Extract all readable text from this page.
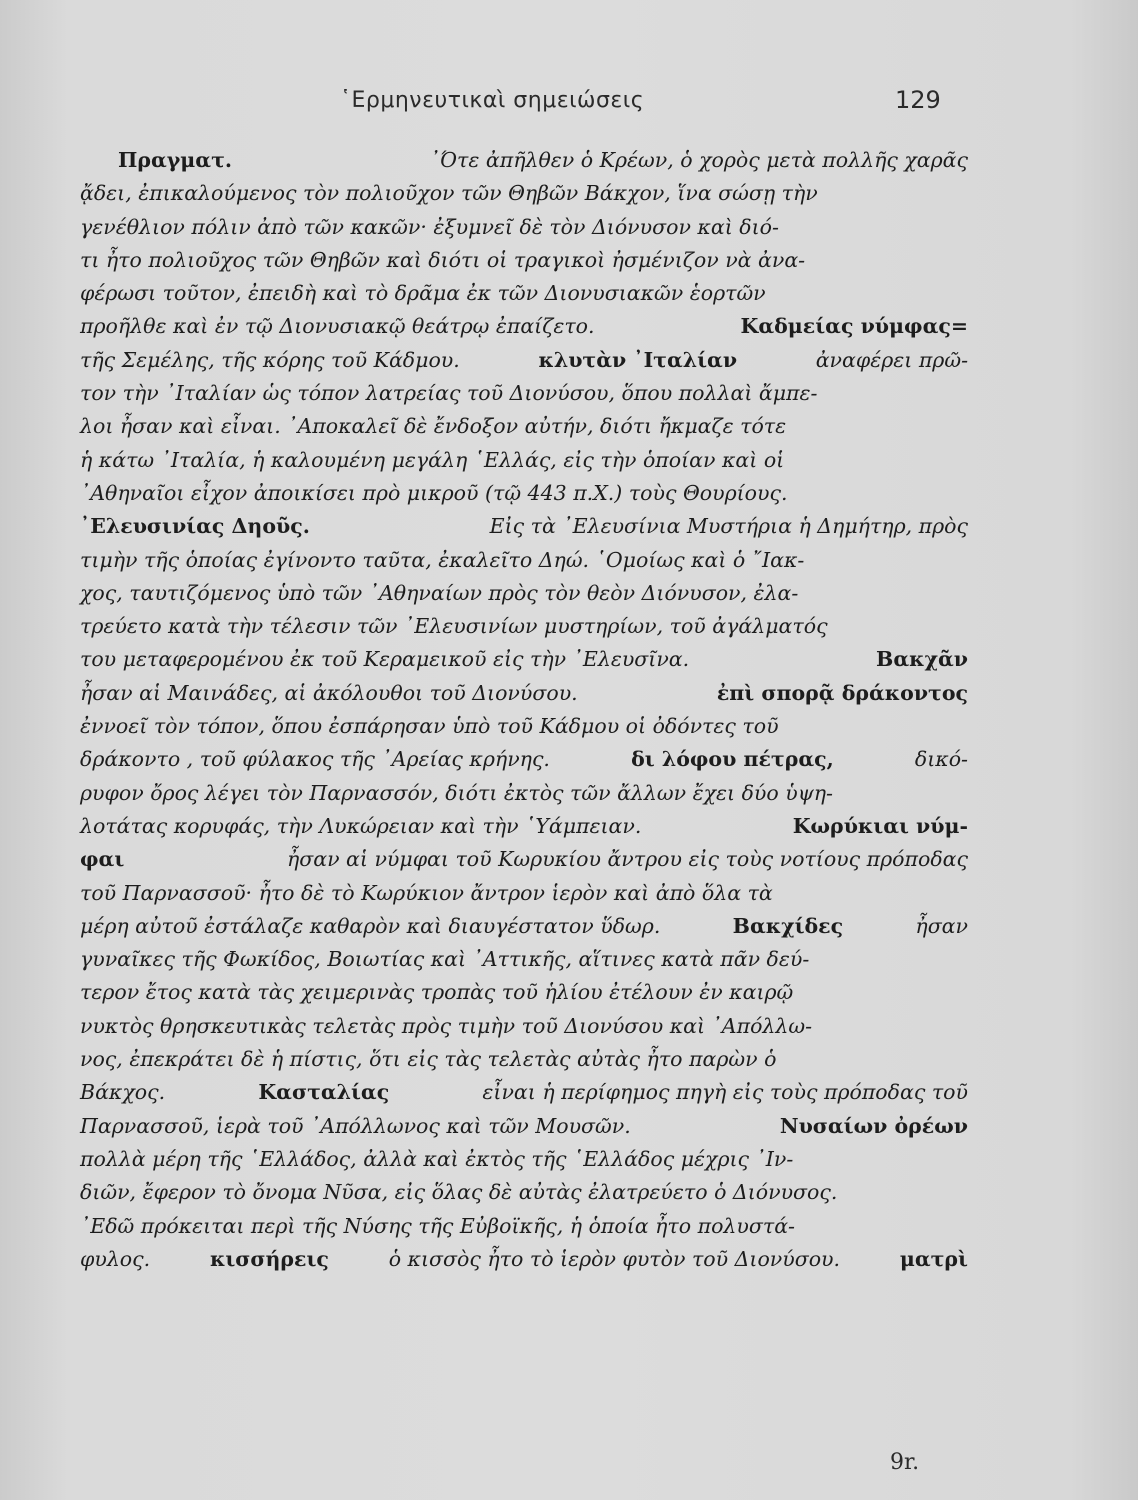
῾Ερμηνευτικαὶ σημειώσεις	129
Πραγματ.	᾿Ότε ἀπῆλθεν ὁ Κρέων, ὁ χορὸς μετὰ πολλῆς χαρᾶς
ᾄδει, ἐπικαλούμενος τὸν πολιοῦχον τῶν Θηβῶν Βάκχον, ἵνα σώσῃ τὴν
γενέθλιον πόλιν ἀπὸ τῶν κακῶν· ἐξυμνεῖ δὲ τὸν Διόνυσον καὶ διό-
τι ἦτο πολιοῦχος τῶν Θηβῶν καὶ διότι οἱ τραγικοὶ ἠσμένιζον νὰ ἀνα-
φέρωσι τοῦτον, ἐπειδὴ καὶ τὸ δρᾶμα ἐκ τῶν Διονυσιακῶν ἑορτῶν
προῆλθε καὶ ἐν τῷ Διονυσιακῷ θεάτρῳ ἐπαίζετο.	Καδμείας νύμφας=
τῆς Σεμέλης, τῆς κόρης τοῦ Κάδμου.	κλυτὰν ᾿Ιταλίαν	ἀναφέρει πρῶ-
τον τὴν ᾿Ιταλίαν ὡς τόπον λατρείας τοῦ Διονύσου, ὅπου πολλαὶ ἄμπε-
λοι ἦσαν καὶ εἶναι. ᾿Αποκαλεῖ δὲ ἔνδοξον αὐτήν, διότι ἤκμαζε τότε
ἡ κάτω ᾿Ιταλία, ἡ καλουμένη μεγάλη ῾Ελλάς, εἰς τὴν ὁποίαν καὶ οἱ
᾿Αθηναῖοι εἶχον ἀποικίσει πρὸ μικροῦ (τῷ 443 π.Χ.) τοὺς Θουρίους.
᾿Ελευσινίας Δηοῦς.	Εἰς τὰ ᾿Ελευσίνια Μυστήρια ἡ Δημήτηρ, πρὸς
τιμὴν τῆς ὁποίας ἐγίνοντο ταῦτα, ἐκαλεῖτο Δηώ. ῾Ομοίως καὶ ὁ ῎Ιακ-
χος, ταυτιζόμενος ὑπὸ τῶν ᾿Αθηναίων πρὸς τὸν θεὸν Διόνυσον, ἐλα-
τρεύετο κατὰ τὴν τέλεσιν τῶν ᾿Ελευσινίων μυστηρίων, τοῦ ἀγάλματός
του μεταφερομένου ἐκ τοῦ Κεραμεικοῦ εἰς τὴν ᾿Ελευσῖνα.	Βακχᾶν
ἦσαν αἱ Μαινάδες, αἱ ἀκόλουθοι τοῦ Διονύσου.	ἐπὶ σπορᾷ δράκοντος
ἐννοεῖ τὸν τόπον, ὅπου ἐσπάρησαν ὑπὸ τοῦ Κάδμου οἱ ὀδόντες τοῦ
δράκοντο , τοῦ φύλακος τῆς ᾿Αρείας κρήνης.	δι λόφου πέτρας,	δικό-
ρυφον ὄρος λέγει τὸν Παρνασσόν, διότι ἐκτὸς τῶν ἄλλων ἔχει δύο ὑψη-
λοτάτας κορυφάς, τὴν Λυκώρειαν καὶ τὴν ῾Υάμπειαν.	Κωρύκιαι νύμ-
φαι	ἦσαν αἱ νύμφαι τοῦ Κωρυκίου ἄντρου εἰς τοὺς νοτίους πρόποδας
τοῦ Παρνασσοῦ· ἦτο δὲ τὸ Κωρύκιον ἄντρον ἱερὸν καὶ ἀπὸ ὅλα τὰ
μέρη αὐτοῦ ἐστάλαζε καθαρὸν καὶ διαυγέστατον ὕδωρ.	Βακχίδες	ἦσαν
γυναῖκες τῆς Φωκίδος, Βοιωτίας καὶ ᾿Αττικῆς, αἵτινες κατὰ πᾶν δεύ-
τερον ἔτος κατὰ τὰς χειμερινὰς τροπὰς τοῦ ἡλίου ἐτέλουν ἐν καιρῷ
νυκτὸς θρησκευτικὰς τελετὰς πρὸς τιμὴν τοῦ Διονύσου καὶ ᾿Απόλλω-
νος, ἐπεκράτει δὲ ἡ πίστις, ὅτι εἰς τὰς τελετὰς αὐτὰς ἦτο παρὼν ὁ
Βάκχος.	Κασταλίας	εἶναι ἡ περίφημος πηγὴ εἰς τοὺς πρόποδας τοῦ
Παρνασσοῦ, ἱερὰ τοῦ ᾿Απόλλωνος καὶ τῶν Μουσῶν.	Νυσαίων ὀρέων
πολλὰ μέρη τῆς ῾Ελλάδος, ἀλλὰ καὶ ἐκτὸς τῆς ῾Ελλάδος μέχρις ᾿Ιν-
διῶν, ἔφερον τὸ ὄνομα Νῦσα, εἰς ὅλας δὲ αὐτὰς ἐλατρεύετο ὁ Διόνυσος.
᾿Εδῶ πρόκειται περὶ τῆς Νύσης τῆς Εὐβοϊκῆς, ἡ ὁποία ἦτο πολυστά-
φυλος.	κισσήρεις	ὁ κισσὸς ἦτο τὸ ἱερὸν φυτὸν τοῦ Διονύσου.	ματρὶ
9r.
